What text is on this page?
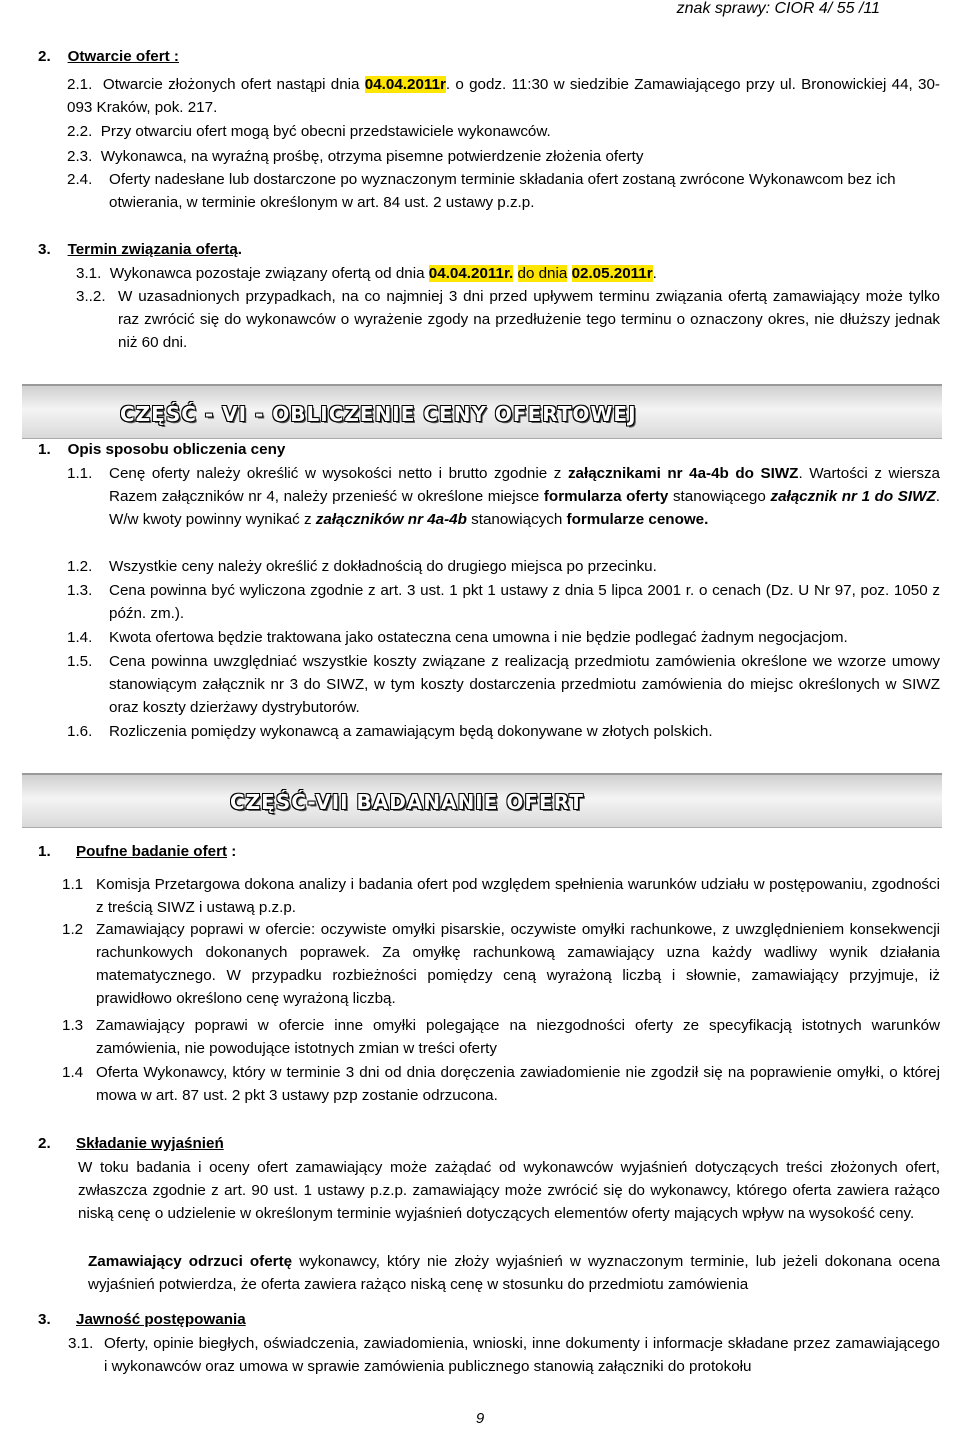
znak sprawy: CIOR 4/ 55 /11
2. Otwarcie ofert :
2.1. Otwarcie złożonych ofert nastąpi dnia 04.04.2011r. o godz. 11:30 w siedzibie Zamawiającego przy ul. Bronowickiej 44, 30-093 Kraków, pok. 217.
2.2. Przy otwarciu ofert mogą być obecni przedstawiciele wykonawców.
2.3. Wykonawca, na wyraźną prośbę, otrzyma pisemne potwierdzenie złożenia oferty
2.4.	Oferty nadesłane lub dostarczone po wyznaczonym terminie składania ofert zostaną zwrócone Wykonawcom bez ich otwierania, w terminie określonym w art. 84 ust. 2 ustawy p.z.p.
3. Termin związania ofertą.
3.1. Wykonawca pozostaje związany ofertą od dnia 04.04.2011r. do dnia 02.05.2011r.
3..2. W uzasadnionych przypadkach, na co najmniej 3 dni przed upływem terminu związania ofertą zamawiający może tylko raz zwrócić się do wykonawców o wyrażenie zgody na przedłużenie tego terminu o oznaczony okres, nie dłuższy jednak niż 60 dni.
CZĘŚĆ - VI - OBLICZENIE CENY OFERTOWEJ
1. Opis sposobu obliczenia ceny
1.1.	Cenę oferty należy określić w wysokości netto i brutto zgodnie z załącznikami nr 4a-4b do SIWZ. Wartości z wiersza Razem załączników nr 4, należy przenieść w określone miejsce formularza oferty stanowiącego załącznik nr 1 do SIWZ. W/w kwoty powinny wynikać z załączników nr 4a-4b stanowiących formularze cenowe.
1.2.	Wszystkie ceny należy określić z dokładnością do drugiego miejsca po przecinku.
1.3.	Cena powinna być wyliczona zgodnie z art. 3 ust. 1 pkt 1 ustawy z dnia 5 lipca 2001 r. o cenach (Dz. U Nr 97, poz. 1050 z późn. zm.).
1.4.	Kwota ofertowa będzie traktowana jako ostateczna cena umowna i nie będzie podlegać żadnym negocjacjom.
1.5.	Cena powinna uwzględniać wszystkie koszty związane z realizacją przedmiotu zamówienia określone we wzorze umowy stanowiącym załącznik nr 3 do SIWZ, w tym koszty dostarczenia przedmiotu zamówienia do miejsc określonych w SIWZ oraz koszty dzierżawy dystrybutorów.
1.6.	Rozliczenia pomiędzy wykonawcą a zamawiającym będą dokonywane w złotych polskich.
CZĘŚĆ-VII BADANANIE OFERT
1. Poufne badanie ofert :
1.1 Komisja Przetargowa dokona analizy i badania ofert pod względem spełnienia warunków udziału w postępowaniu, zgodności z treścią SIWZ i ustawą p.z.p.
1.2 Zamawiający poprawi w ofercie: oczywiste omyłki pisarskie, oczywiste omyłki rachunkowe, z uwzględnieniem konsekwencji rachunkowych dokonanych poprawek. Za omyłkę rachunkową zamawiający uzna każdy wadliwy wynik działania matematycznego. W przypadku rozbieżności pomiędzy ceną wyrażoną liczbą i słownie, zamawiający przyjmuje, iż prawidłowo określono cenę wyrażoną liczbą.
1.3 Zamawiający poprawi w ofercie inne omyłki polegające na niezgodności oferty ze specyfikacją istotnych warunków zamówienia, nie powodujące istotnych zmian w treści oferty
1.4 Oferta Wykonawcy, który w terminie 3 dni od dnia doręczenia zawiadomienie nie zgodził się na poprawienie omyłki, o której mowa w art. 87 ust. 2 pkt 3 ustawy pzp zostanie odrzucona.
2. Składanie wyjaśnień
W toku badania i oceny ofert zamawiający może zażądać od wykonawców wyjaśnień dotyczących treści złożonych ofert, zwłaszcza zgodnie z art. 90 ust. 1 ustawy p.z.p. zamawiający może zwrócić się do wykonawcy, którego oferta zawiera rażąco niską cenę o udzielenie w określonym terminie wyjaśnień dotyczących elementów oferty mających wpływ na wysokość ceny.
Zamawiający odrzuci ofertę wykonawcy, który nie złoży wyjaśnień w wyznaczonym terminie, lub jeżeli dokonana ocena wyjaśnień potwierdza, że oferta zawiera rażąco niską cenę w stosunku do przedmiotu zamówienia
3. Jawność postępowania
3.1. Oferty, opinie biegłych, oświadczenia, zawiadomienia, wnioski, inne dokumenty i informacje składane przez zamawiającego i wykonawców oraz umowa w sprawie zamówienia publicznego stanowią załączniki do protokołu
9
